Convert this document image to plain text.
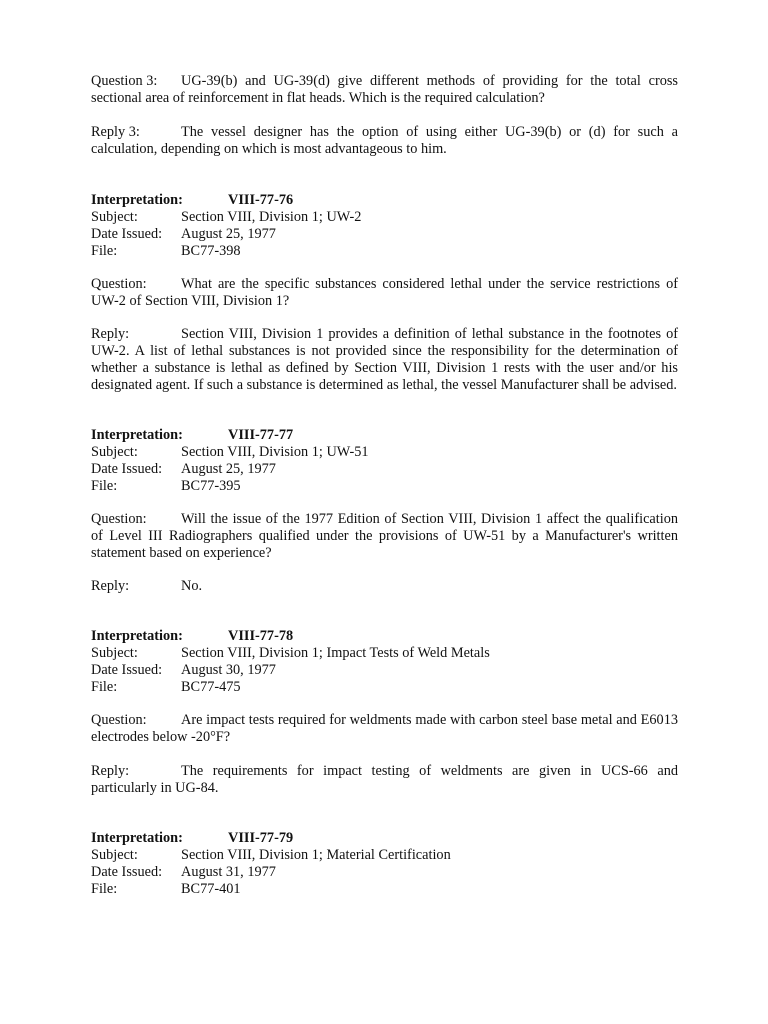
Question 3: UG-39(b) and UG-39(d) give different methods of providing for the total cross sectional area of reinforcement in flat heads. Which is the required calculation?
Reply 3:	The vessel designer has the option of using either UG-39(b) or (d) for such a calculation, depending on which is most advantageous to him.
Interpretation:	VIII-77-76
Subject:	Section VIII, Division 1; UW-2
Date Issued: August 25, 1977
File:	BC77-398
Question: What are the specific substances considered lethal under the service restrictions of UW-2 of Section VIII, Division 1?
Reply:	Section VIII, Division 1 provides a definition of lethal substance in the footnotes of UW-2. A list of lethal substances is not provided since the responsibility for the determination of whether a substance is lethal as defined by Section VIII, Division 1 rests with the user and/or his designated agent. If such a substance is determined as lethal, the vessel Manufacturer shall be advised.
Interpretation:	VIII-77-77
Subject:	Section VIII, Division 1; UW-51
Date Issued: August 25, 1977
File:	BC77-395
Question: Will the issue of the 1977 Edition of Section VIII, Division 1 affect the qualification of Level III Radiographers qualified under the provisions of UW-51 by a Manufacturer's written statement based on experience?
Reply:	No.
Interpretation:	VIII-77-78
Subject:	Section VIII, Division 1; Impact Tests of Weld Metals
Date Issued: August 30, 1977
File:	BC77-475
Question: Are impact tests required for weldments made with carbon steel base metal and E6013 electrodes below -20°F?
Reply:	The requirements for impact testing of weldments are given in UCS-66 and particularly in UG-84.
Interpretation:	VIII-77-79
Subject:	Section VIII, Division 1; Material Certification
Date Issued: August 31, 1977
File:	BC77-401
